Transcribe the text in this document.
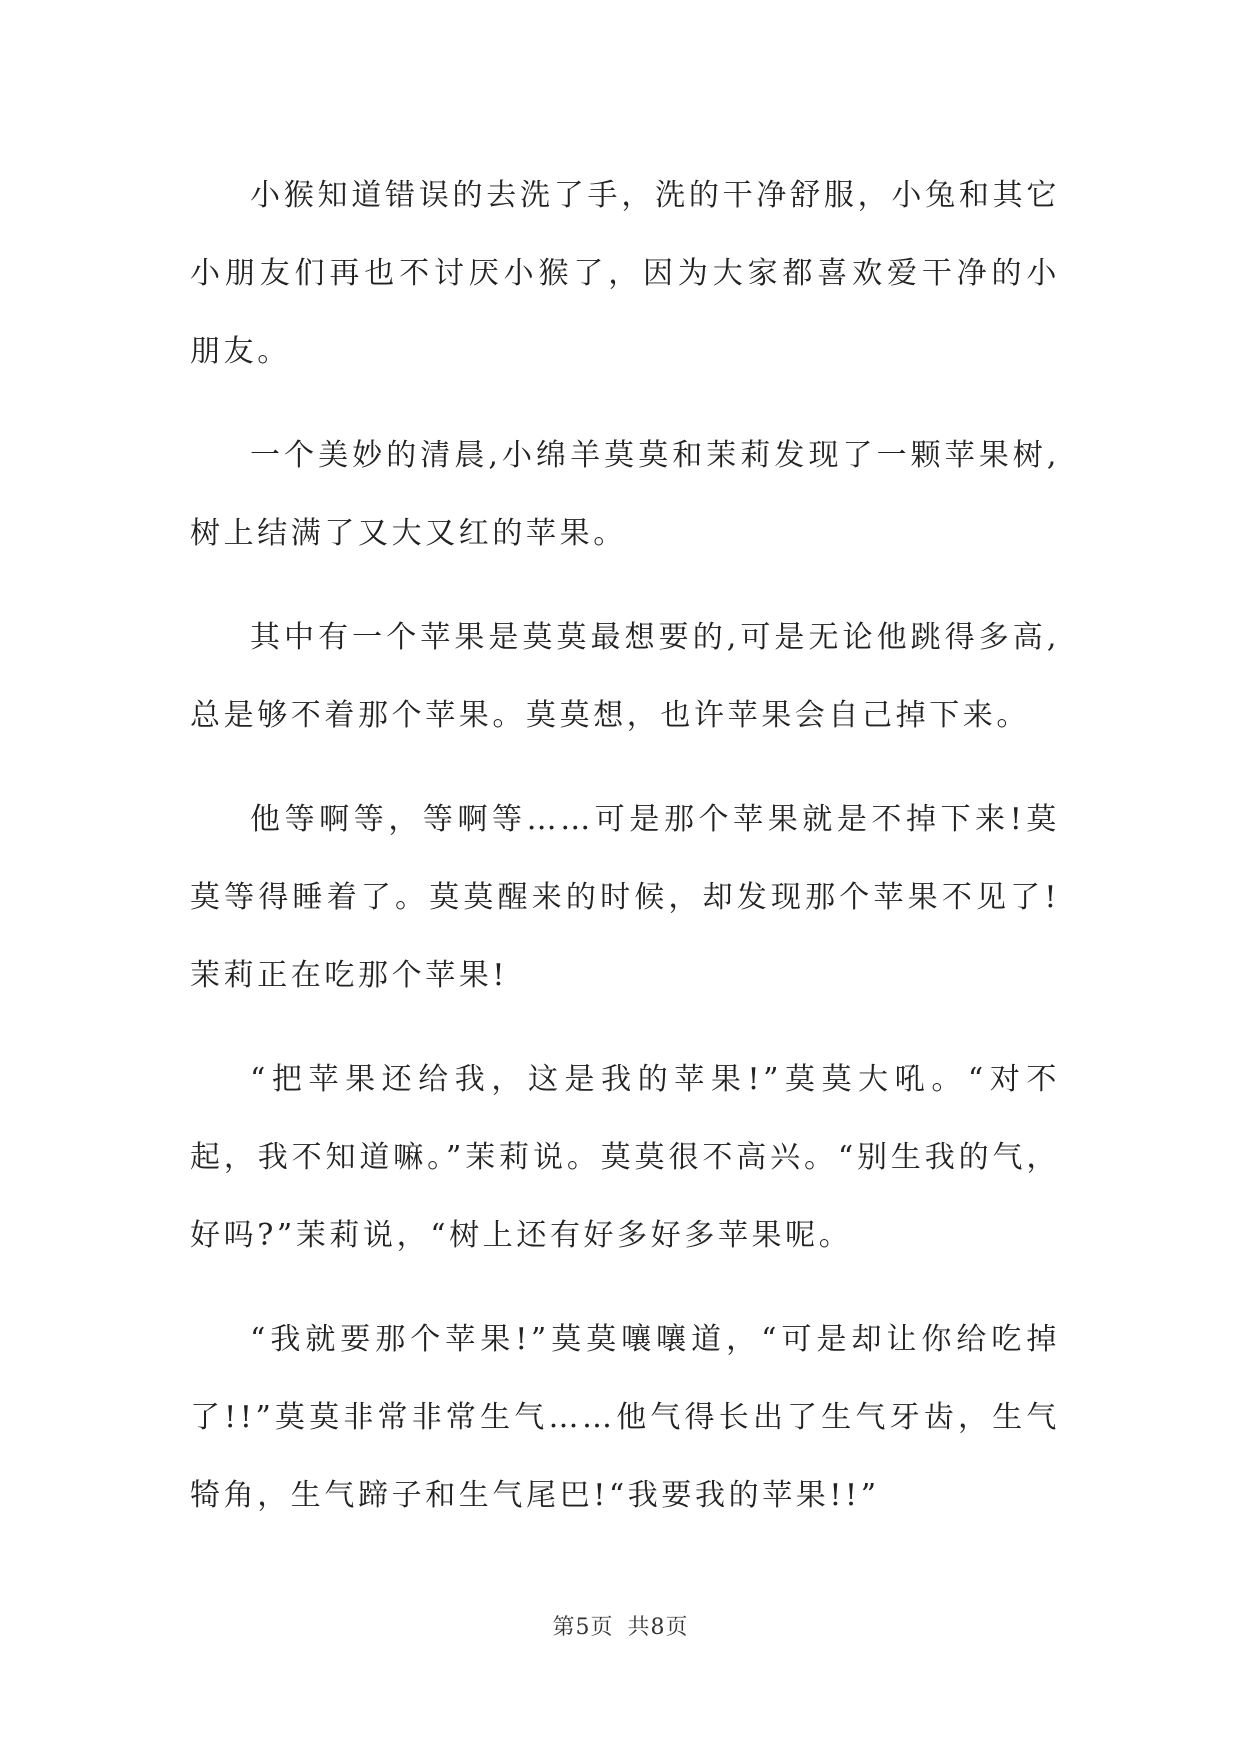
小猴知道错误的去洗了手，洗的干净舒服，小兔和其它小朋友们再也不讨厌小猴了，因为大家都喜欢爱干净的小朋友。

一个美妙的清晨,小绵羊莫莫和茉莉发现了一颗苹果树,树上结满了又大又红的苹果。

其中有一个苹果是莫莫最想要的,可是无论他跳得多高,总是够不着那个苹果。莫莫想，也许苹果会自己掉下来。

他等啊等，等啊等……可是那个苹果就是不掉下来!莫莫等得睡着了。莫莫醒来的时候，却发现那个苹果不见了!茉莉正在吃那个苹果!

“把苹果还给我，这是我的苹果!”莫莫大吼。“对不起，我不知道嘛。”茉莉说。莫莫很不高兴。“别生我的气，好吗?”茉莉说，“树上还有好多好多苹果呢。

“我就要那个苹果!”莫莫嚷嚷道，“可是却让你给吃掉了!!”莫莫非常非常生气……他气得长出了生气牙齿，生气犄角，生气蹄子和生气尾巴!“我要我的苹果!!”

第5页 共8页
